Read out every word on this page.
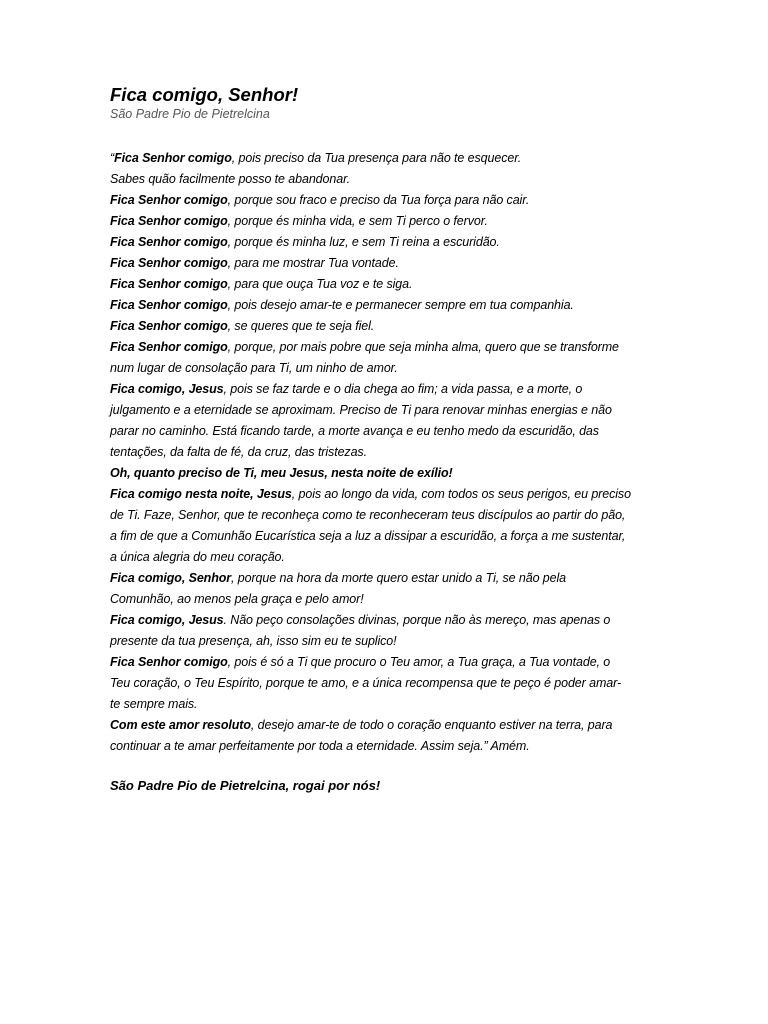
Fica comigo, Senhor!

São Padre Pio de Pietrelcina

“Fica Senhor comigo, pois preciso da Tua presença para não te esquecer.
Sabes quão facilmente posso te abandonar.
Fica Senhor comigo, porque sou fraco e preciso da Tua força para não cair.
Fica Senhor comigo, porque és minha vida, e sem Ti perco o fervor.
Fica Senhor comigo, porque és minha luz, e sem Ti reina a escuridão.
Fica Senhor comigo, para me mostrar Tua vontade.
Fica Senhor comigo, para que ouça Tua voz e te siga.
Fica Senhor comigo, pois desejo amar-te e permanecer sempre em tua companhia.
Fica Senhor comigo, se queres que te seja fiel.
Fica Senhor comigo, porque, por mais pobre que seja minha alma, quero que se transforme
num lugar de consolação para Ti, um ninho de amor.
Fica comigo, Jesus, pois se faz tarde e o dia chega ao fim; a vida passa, e a morte, o
julgamento e a eternidade se aproximam. Preciso de Ti para renovar minhas energias e não
parar no caminho. Está ficando tarde, a morte avança e eu tenho medo da escuridão, das
tentações, da falta de fé, da cruz, das tristezas.
Oh, quanto preciso de Ti, meu Jesus, nesta noite de exílio!
Fica comigo nesta noite, Jesus, pois ao longo da vida, com todos os seus perigos, eu preciso
de Ti. Faze, Senhor, que te reconheça como te reconheceram teus discípulos ao partir do pão,
a fim de que a Comunhão Eucarística seja a luz a dissipar a escuridão, a força a me sustentar,
a única alegria do meu coração.
Fica comigo, Senhor, porque na hora da morte quero estar unido a Ti, se não pela
Comunhão, ao menos pela graça e pelo amor!
Fica comigo, Jesus. Não peço consolações divinas, porque não às mereço, mas apenas o
presente da tua presença, ah, isso sim eu te suplico!
Fica Senhor comigo, pois é só a Ti que procuro o Teu amor, a Tua graça, a Tua vontade, o
Teu coração, o Teu Espírito, porque te amo, e a única recompensa que te peço é poder amar-
te sempre mais.
Com este amor resoluto, desejo amar-te de todo o coração enquanto estiver na terra, para
continuar a te amar perfeitamente por toda a eternidade. Assim seja.” Amém.

São Padre Pio de Pietrelcina, rogai por nós!
